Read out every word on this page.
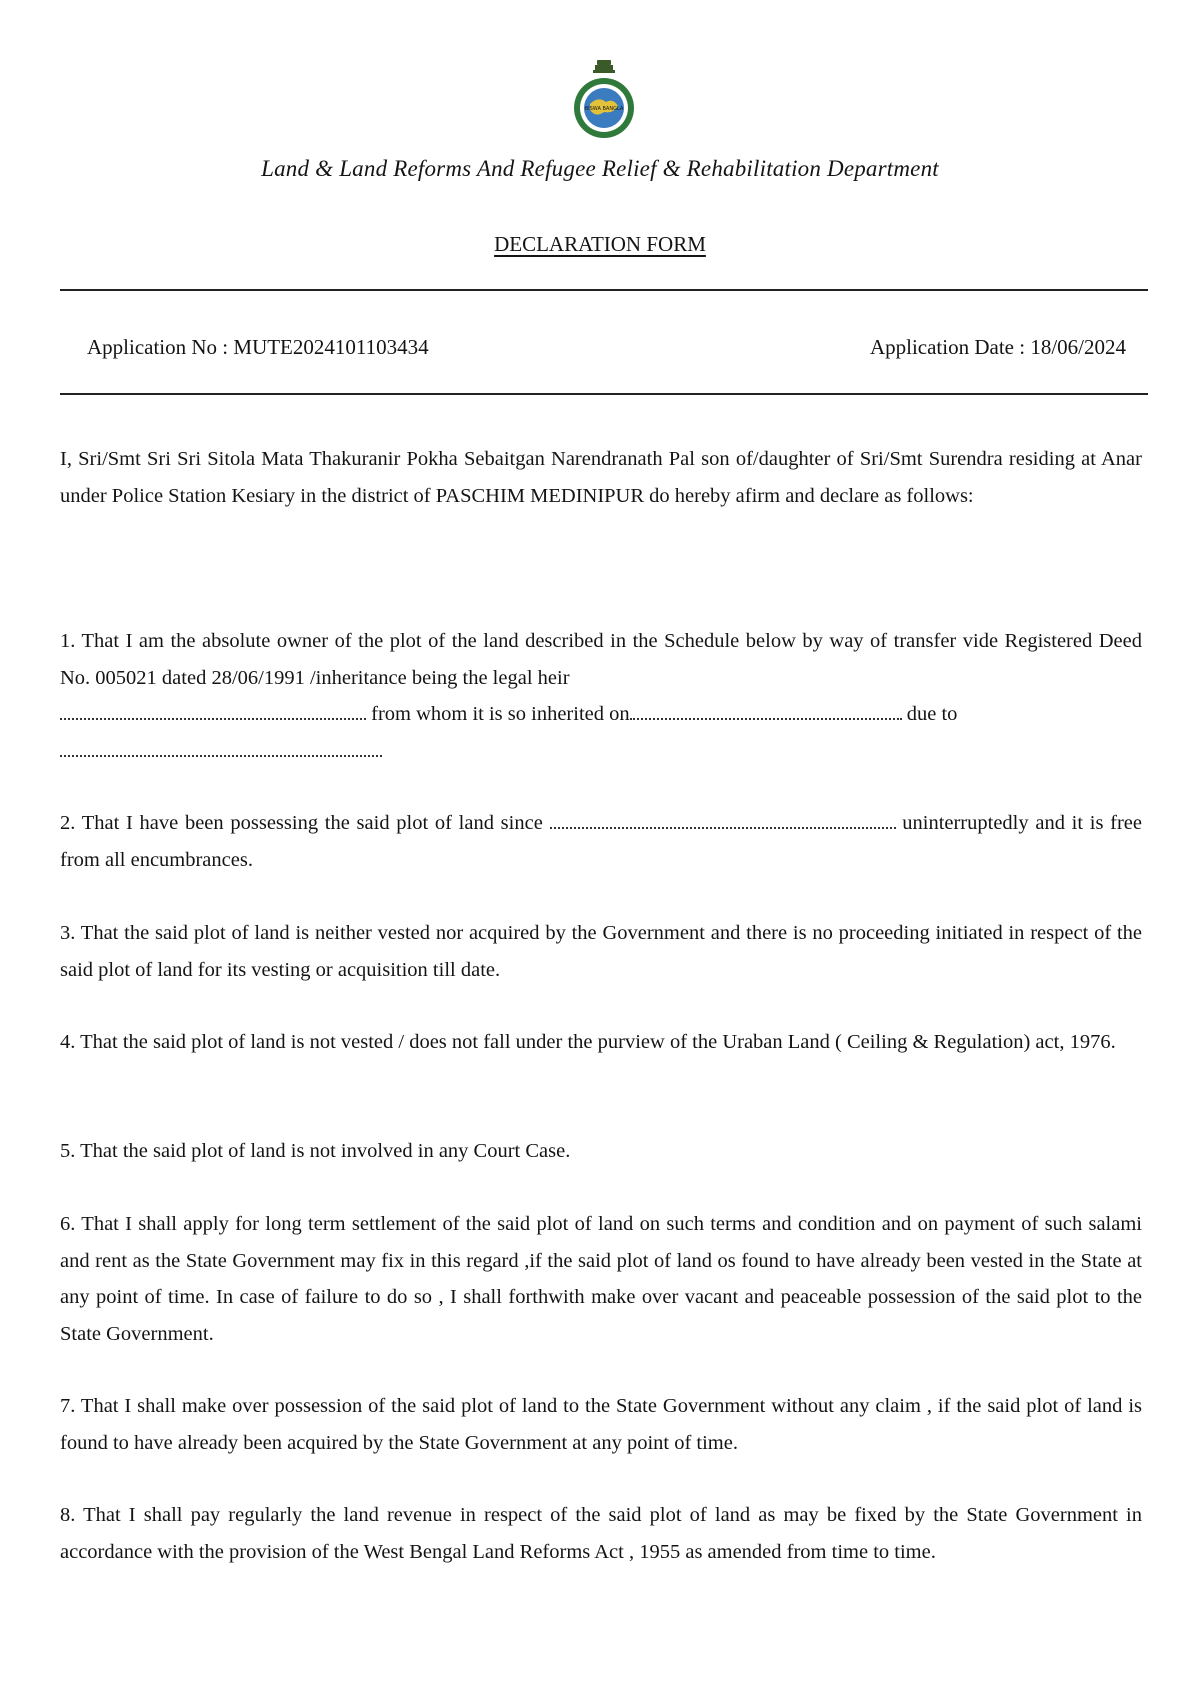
BISWA BANGLA
Land & Land Reforms And Refugee Relief & Rehabilitation Department
DECLARATION FORM
Application No : MUTE2024101103434	Application Date : 18/06/2024

I, Sri/Smt Sri Sri Sitola Mata Thakuranir Pokha Sebaitgan Narendranath Pal son of/daughter of Sri/Smt Surendra residing at Anar under Police Station Kesiary in the district of PASCHIM MEDINIPUR do hereby afirm and declare as follows:

1. That I am the absolute owner of the plot of the land described in the Schedule below by way of transfer vide Registered Deed No. 005021 dated 28/06/1991 /inheritance being the legal heir
from whom it is so inherited on	due to

2. That I have been possessing the said plot of land since	uninterruptedly and it is free from all encumbrances.

3. That the said plot of land is neither vested nor acquired by the Government and there is no proceeding initiated in respect of the said plot of land for its vesting or acquisition till date.

4. That the said plot of land is not vested / does not fall under the purview of the Uraban Land ( Ceiling & Regulation) act, 1976.

5. That the said plot of land is not involved in any Court Case.

6. That I shall apply for long term settlement of the said plot of land on such terms and condition and on payment of such salami and rent as the State Government may fix in this regard ,if the said plot of land os found to have already been vested in the State at any point of time. In case of failure to do so , I shall forthwith make over vacant and peaceable possession of the said plot to the State Government.

7. That I shall make over possession of the said plot of land to the State Government without any claim , if the said plot of land is found to have already been acquired by the State Government at any point of time.

8. That I shall pay regularly the land revenue in respect of the said plot of land as may be fixed by the State Government in accordance with the provision of the West Bengal Land Reforms Act , 1955 as amended from time to time.
